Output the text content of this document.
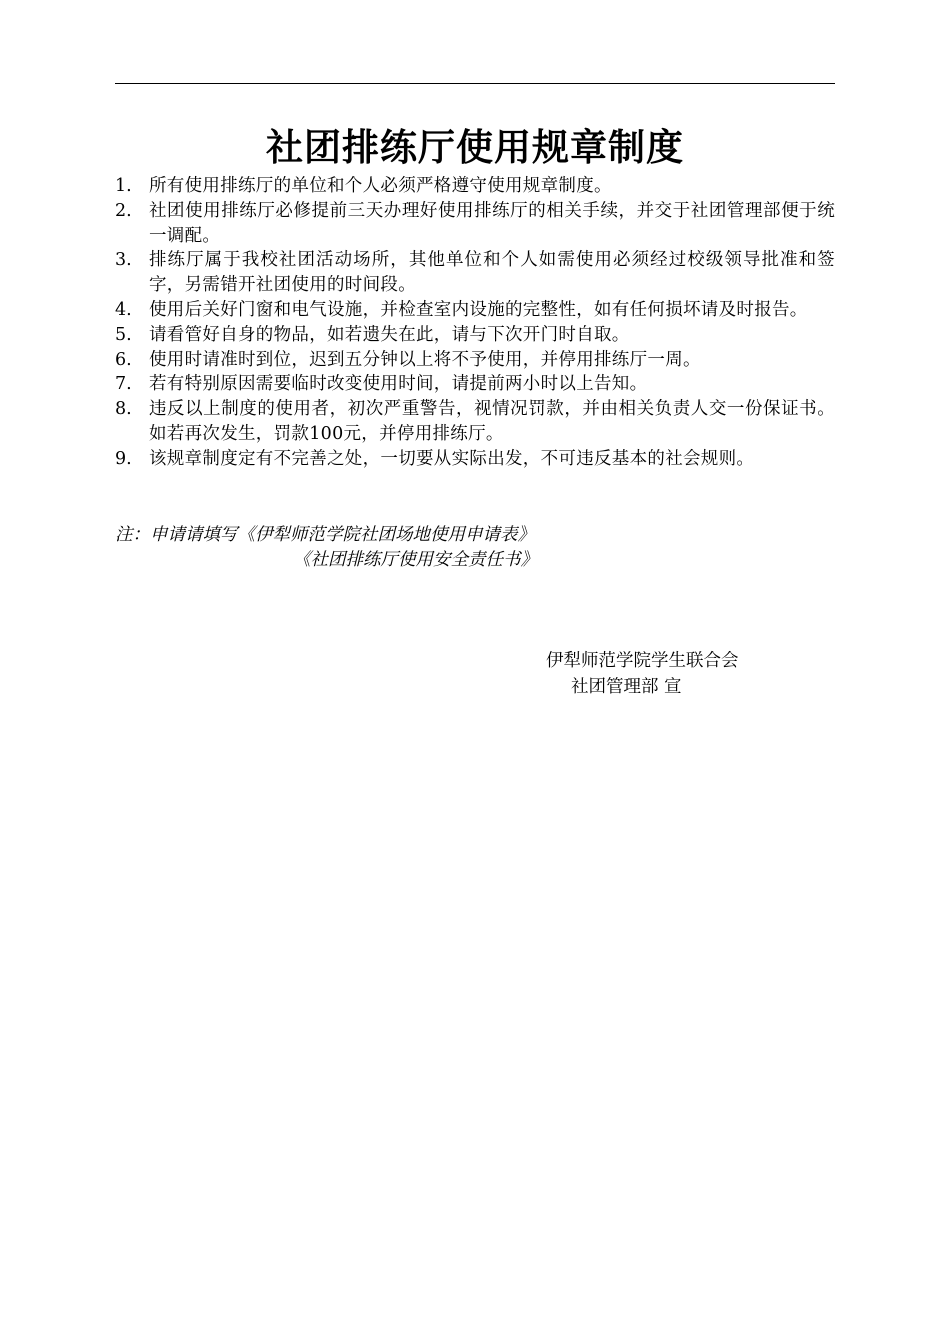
社团排练厅使用规章制度
1. 所有使用排练厅的单位和个人必须严格遵守使用规章制度。
2. 社团使用排练厅必修提前三天办理好使用排练厅的相关手续，并交于社团管理部便于统一调配。
3. 排练厅属于我校社团活动场所，其他单位和个人如需使用必须经过校级领导批准和签字，另需错开社团使用的时间段。
4. 使用后关好门窗和电气设施，并检查室内设施的完整性，如有任何损坏请及时报告。
5. 请看管好自身的物品，如若遗失在此，请与下次开门时自取。
6. 使用时请准时到位，迟到五分钟以上将不予使用，并停用排练厅一周。
7. 若有特别原因需要临时改变使用时间，请提前两小时以上告知。
8. 违反以上制度的使用者，初次严重警告，视情况罚款，并由相关负责人交一份保证书。如若再次发生，罚款100元，并停用排练厅。
9. 该规章制度定有不完善之处，一切要从实际出发，不可违反基本的社会规则。
注：申请请填写《伊犁师范学院社团场地使用申请表》
《社团排练厅使用安全责任书》
伊犁师范学院学生联合会
社团管理部 宣
